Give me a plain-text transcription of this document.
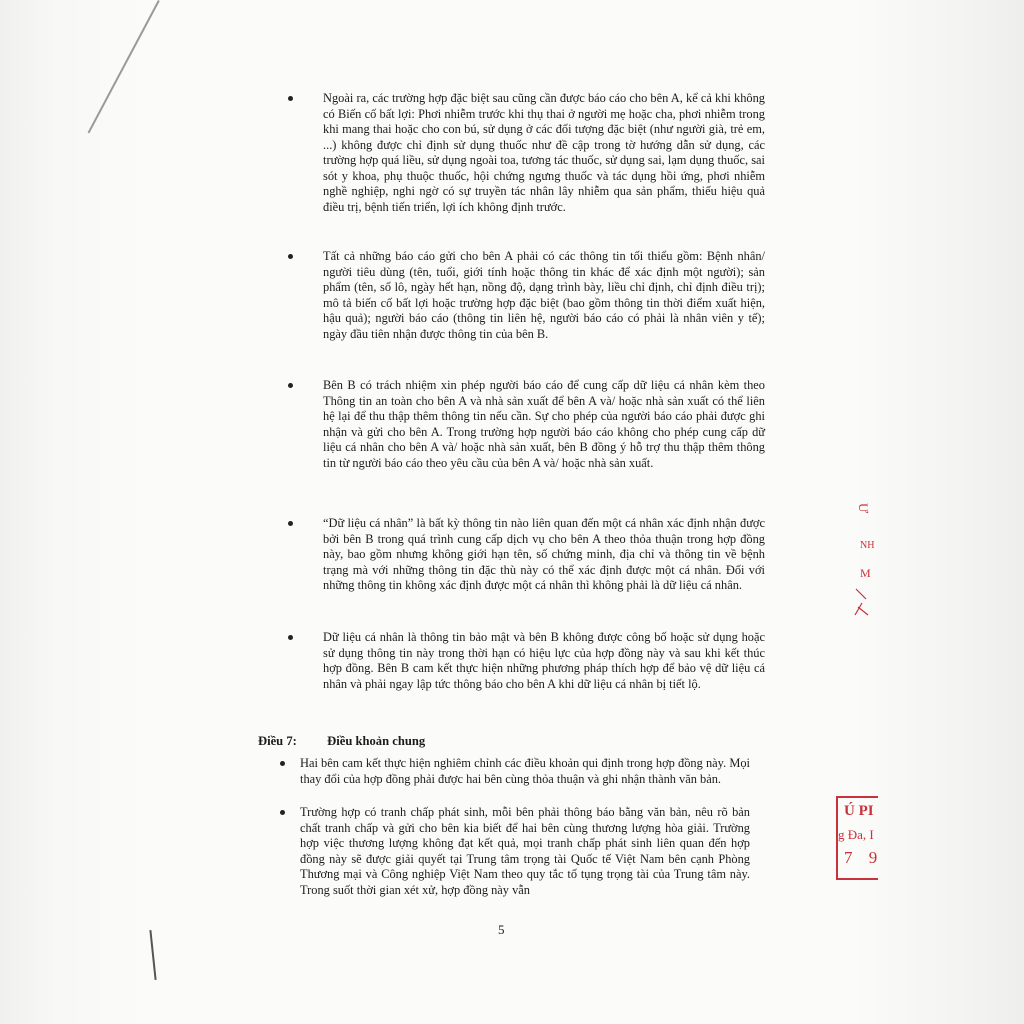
Ngoài ra, các trường hợp đặc biệt sau cũng cần được báo cáo cho bên A, kể cả khi không có Biến cố bất lợi: Phơi nhiễm trước khi thụ thai ở người mẹ hoặc cha, phơi nhiễm trong khi mang thai hoặc cho con bú, sử dụng ở các đối tượng đặc biệt (như người già, trẻ em, ...) không được chỉ định sử dụng thuốc như đề cập trong tờ hướng dẫn sử dụng, các trường hợp quá liều, sử dụng ngoài toa, tương tác thuốc, sử dụng sai, lạm dụng thuốc, sai sót y khoa, phụ thuộc thuốc, hội chứng ngưng thuốc và tác dụng hồi ứng, phơi nhiễm nghề nghiệp, nghi ngờ có sự truyền tác nhân lây nhiễm qua sản phẩm, thiếu hiệu quả điều trị, bệnh tiến triển, lợi ích không định trước.

Tất cả những báo cáo gửi cho bên A phải có các thông tin tối thiểu gồm: Bệnh nhân/ người tiêu dùng (tên, tuổi, giới tính hoặc thông tin khác để xác định một người); sản phẩm (tên, số lô, ngày hết hạn, nồng độ, dạng trình bày, liều chỉ định, chỉ định điều trị); mô tả biến cố bất lợi hoặc trường hợp đặc biệt (bao gồm thông tin thời điểm xuất hiện, hậu quả); người báo cáo (thông tin liên hệ, người báo cáo có phải là nhân viên y tế); ngày đầu tiên nhận được thông tin của bên B.

Bên B có trách nhiệm xin phép người báo cáo để cung cấp dữ liệu cá nhân kèm theo Thông tin an toàn cho bên A và nhà sản xuất để bên A và/ hoặc nhà sản xuất có thể liên hệ lại để thu thập thêm thông tin nếu cần. Sự cho phép của người báo cáo phải được ghi nhận và gửi cho bên A. Trong trường hợp người báo cáo không cho phép cung cấp dữ liệu cá nhân cho bên A và/ hoặc nhà sản xuất, bên B đồng ý hỗ trợ thu thập thêm thông tin từ người báo cáo theo yêu cầu của bên A và/ hoặc nhà sản xuất.

“Dữ liệu cá nhân” là bất kỳ thông tin nào liên quan đến một cá nhân xác định nhận được bởi bên B trong quá trình cung cấp dịch vụ cho bên A theo thỏa thuận trong hợp đồng này, bao gồm nhưng không giới hạn tên, số chứng minh, địa chỉ và thông tin về bệnh trạng mà với những thông tin đặc thù này có thể xác định được một cá nhân. Đối với những thông tin không xác định được một cá nhân thì không phải là dữ liệu cá nhân.

Dữ liệu cá nhân là thông tin bảo mật và bên B không được công bố hoặc sử dụng hoặc sử dụng thông tin này trong thời hạn có hiệu lực của hợp đồng này và sau khi kết thúc hợp đồng. Bên B cam kết thực hiện những phương pháp thích hợp để bảo vệ dữ liệu cá nhân và phải ngay lập tức thông báo cho bên A khi dữ liệu cá nhân bị tiết lộ.

Điều 7: Điều khoản chung

Hai bên cam kết thực hiện nghiêm chỉnh các điều khoản qui định trong hợp đồng này. Mọi thay đổi của hợp đồng phải được hai bên cùng thỏa thuận và ghi nhận thành văn bản.

Trường hợp có tranh chấp phát sinh, mỗi bên phải thông báo bằng văn bản, nêu rõ bản chất tranh chấp và gửi cho bên kia biết để hai bên cùng thương lượng hòa giải. Trường hợp việc thương lượng không đạt kết quả, mọi tranh chấp phát sinh liên quan đến hợp đồng này sẽ được giải quyết tại Trung tâm trọng tài Quốc tế Việt Nam bên cạnh Phòng Thương mại và Công nghiệp Việt Nam theo quy tắc tố tụng trọng tài của Trung tâm này. Trong suốt thời gian xét xử, hợp đồng này vẫn

5
Ư
NH
M
Ú PI
g Đa, I
7 9
